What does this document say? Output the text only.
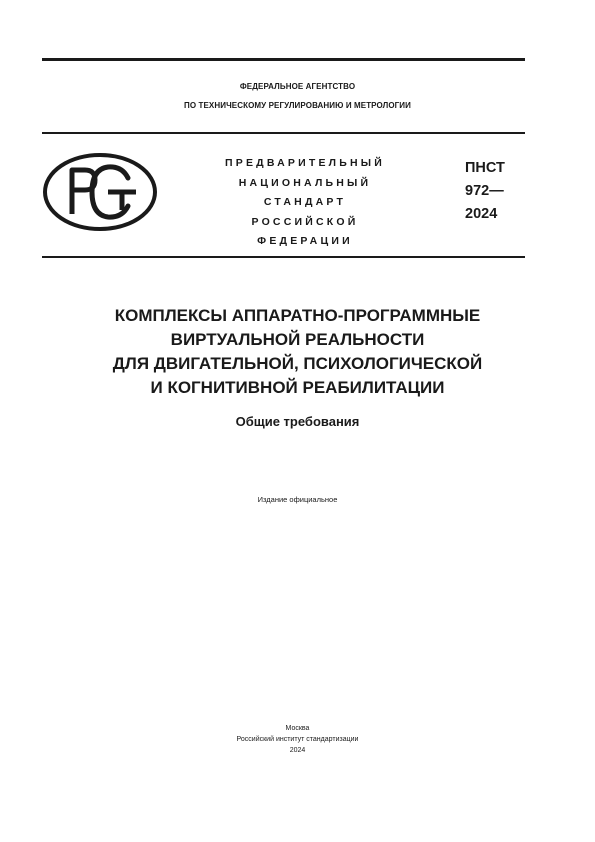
ФЕДЕРАЛЬНОЕ АГЕНТСТВО
ПО ТЕХНИЧЕСКОМУ РЕГУЛИРОВАНИЮ И МЕТРОЛОГИИ
ПРЕДВАРИТЕЛЬНЫЙ
НАЦИОНАЛЬНЫЙ
СТАНДАРТ
РОССИЙСКОЙ
ФЕДЕРАЦИИ
ПНСТ
972—
2024
КОМПЛЕКСЫ АППАРАТНО-ПРОГРАММНЫЕ
ВИРТУАЛЬНОЙ РЕАЛЬНОСТИ
ДЛЯ ДВИГАТЕЛЬНОЙ, ПСИХОЛОГИЧЕСКОЙ
И КОГНИТИВНОЙ РЕАБИЛИТАЦИИ
Общие требования
Издание официальное
Москва
Российский институт стандартизации
2024
